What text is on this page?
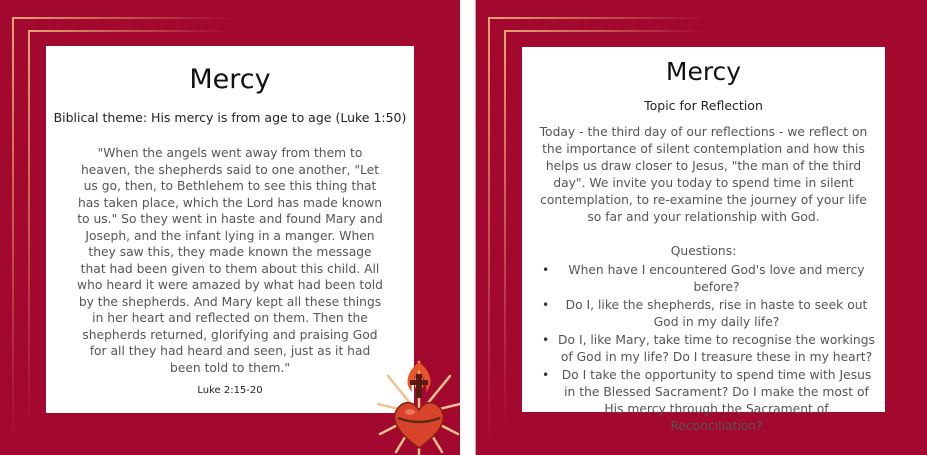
Mercy
Biblical theme: His mercy is from age to age (Luke 1:50)
"When the angels went away from them to heaven, the shepherds said to one another, "Let us go, then, to Bethlehem to see this thing that has taken place, which the Lord has made known to us." So they went in haste and found Mary and Joseph, and the infant lying in a manger. When they saw this, they made known the message that had been given to them about this child. All who heard it were amazed by what had been told by the shepherds. And Mary kept all these things in her heart and reflected on them. Then the shepherds returned, glorifying and praising God for all they had heard and seen, just as it had been told to them."
Luke 2:15-20
Mercy
Topic for Reflection
Today - the third day of our reflections - we reflect on the importance of silent contemplation and how this helps us draw closer to Jesus, "the man of the third day". We invite you today to spend time in silent contemplation, to re-examine the journey of your life so far and your relationship with God.
Questions:
• When have I encountered God's love and mercy before?
• Do I, like the shepherds, rise in haste to seek out God in my daily life?
• Do I, like Mary, take time to recognise the workings of God in my life? Do I treasure these in my heart?
• Do I take the opportunity to spend time with Jesus in the Blessed Sacrament? Do I make the most of His mercy through the Sacrament of Reconciliation?
